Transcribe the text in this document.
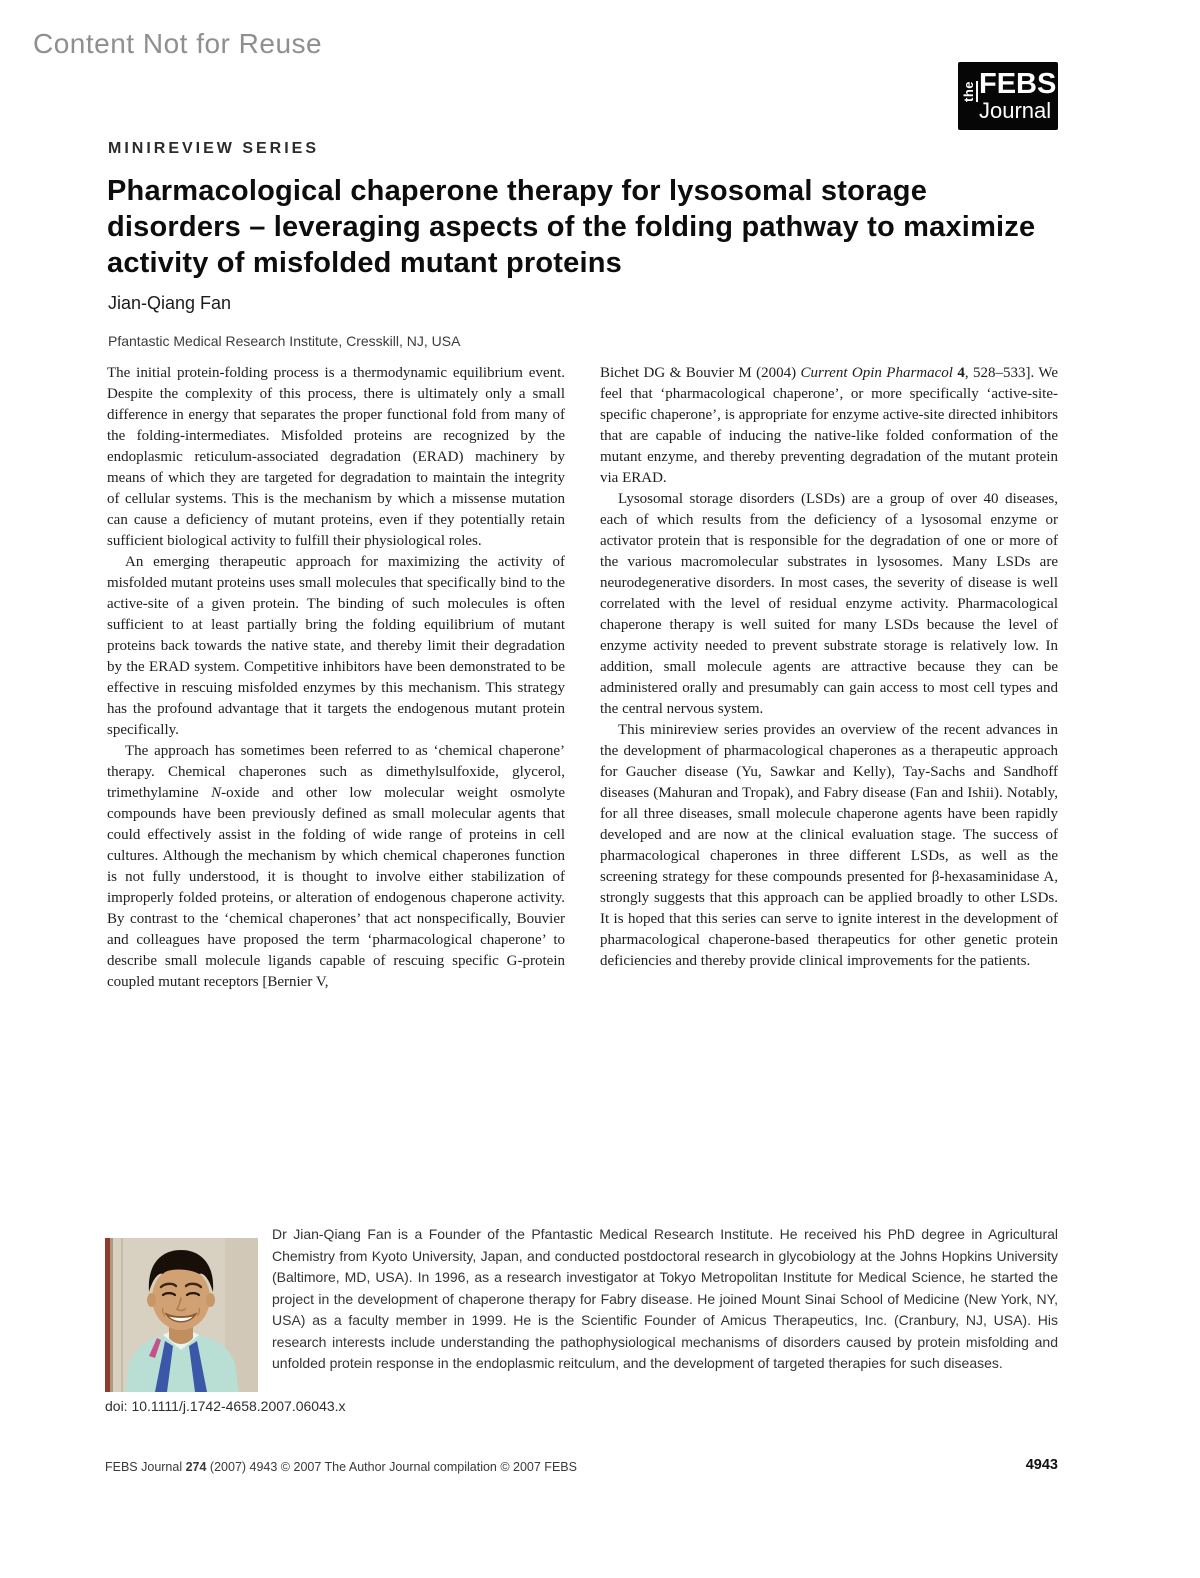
Content Not for Reuse
the FEBS
Journal
MINIREVIEW SERIES
Pharmacological chaperone therapy for lysosomal storage disorders – leveraging aspects of the folding pathway to maximize activity of misfolded mutant proteins
Jian-Qiang Fan
Pfantastic Medical Research Institute, Cresskill, NJ, USA

The initial protein-folding process is a thermodynamic equilibrium event. Despite the complexity of this process, there is ultimately only a small difference in energy that separates the proper functional fold from many of the folding-intermediates. Misfolded proteins are recognized by the endoplasmic reticulum-associated degradation (ERAD) machinery by means of which they are targeted for degradation to maintain the integrity of cellular systems. This is the mechanism by which a missense mutation can cause a deficiency of mutant proteins, even if they potentially retain sufficient biological activity to fulfill their physiological roles.

An emerging therapeutic approach for maximizing the activity of misfolded mutant proteins uses small molecules that specifically bind to the active-site of a given protein. The binding of such molecules is often sufficient to at least partially bring the folding equilibrium of mutant proteins back towards the native state, and thereby limit their degradation by the ERAD system. Competitive inhibitors have been demonstrated to be effective in rescuing misfolded enzymes by this mechanism. This strategy has the profound advantage that it targets the endogenous mutant protein specifically.

The approach has sometimes been referred to as ‘chemical chaperone’ therapy. Chemical chaperones such as dimethylsulfoxide, glycerol, trimethylamine N-oxide and other low molecular weight osmolyte compounds have been previously defined as small molecular agents that could effectively assist in the folding of wide range of proteins in cell cultures. Although the mechanism by which chemical chaperones function is not fully understood, it is thought to involve either stabilization of improperly folded proteins, or alteration of endogenous chaperone activity. By contrast to the ‘chemical chaperones’ that act nonspecifically, Bouvier and colleagues have proposed the term ‘pharmacological chaperone’ to describe small molecule ligands capable of rescuing specific G-protein coupled mutant receptors [Bernier V,

Bichet DG & Bouvier M (2004) Current Opin Pharmacol 4, 528–533]. We feel that ‘pharmacological chaperone’, or more specifically ‘active-site-specific chaperone’, is appropriate for enzyme active-site directed inhibitors that are capable of inducing the native-like folded conformation of the mutant enzyme, and thereby preventing degradation of the mutant protein via ERAD.

Lysosomal storage disorders (LSDs) are a group of over 40 diseases, each of which results from the deficiency of a lysosomal enzyme or activator protein that is responsible for the degradation of one or more of the various macromolecular substrates in lysosomes. Many LSDs are neurodegenerative disorders. In most cases, the severity of disease is well correlated with the level of residual enzyme activity. Pharmacological chaperone therapy is well suited for many LSDs because the level of enzyme activity needed to prevent substrate storage is relatively low. In addition, small molecule agents are attractive because they can be administered orally and presumably can gain access to most cell types and the central nervous system.

This minireview series provides an overview of the recent advances in the development of pharmacological chaperones as a therapeutic approach for Gaucher disease (Yu, Sawkar and Kelly), Tay-Sachs and Sandhoff diseases (Mahuran and Tropak), and Fabry disease (Fan and Ishii). Notably, for all three diseases, small molecule chaperone agents have been rapidly developed and are now at the clinical evaluation stage. The success of pharmacological chaperones in three different LSDs, as well as the screening strategy for these compounds presented for β-hexasaminidase A, strongly suggests that this approach can be applied broadly to other LSDs. It is hoped that this series can serve to ignite interest in the development of pharmacological chaperone-based therapeutics for other genetic protein deficiencies and thereby provide clinical improvements for the patients.

Dr Jian-Qiang Fan is a Founder of the Pfantastic Medical Research Institute. He received his PhD degree in Agricultural Chemistry from Kyoto University, Japan, and conducted postdoctoral research in glycobiology at the Johns Hopkins University (Baltimore, MD, USA). In 1996, as a research investigator at Tokyo Metropolitan Institute for Medical Science, he started the project in the development of chaperone therapy for Fabry disease. He joined Mount Sinai School of Medicine (New York, NY, USA) as a faculty member in 1999. He is the Scientific Founder of Amicus Therapeutics, Inc. (Cranbury, NJ, USA). His research interests include understanding the pathophysiological mechanisms of disorders caused by protein misfolding and unfolded protein response in the endoplasmic reitculum, and the development of targeted therapies for such diseases.

doi: 10.1111/j.1742-4658.2007.06043.x
FEBS Journal 274 (2007) 4943 © 2007 The Author Journal compilation © 2007 FEBS	4943
